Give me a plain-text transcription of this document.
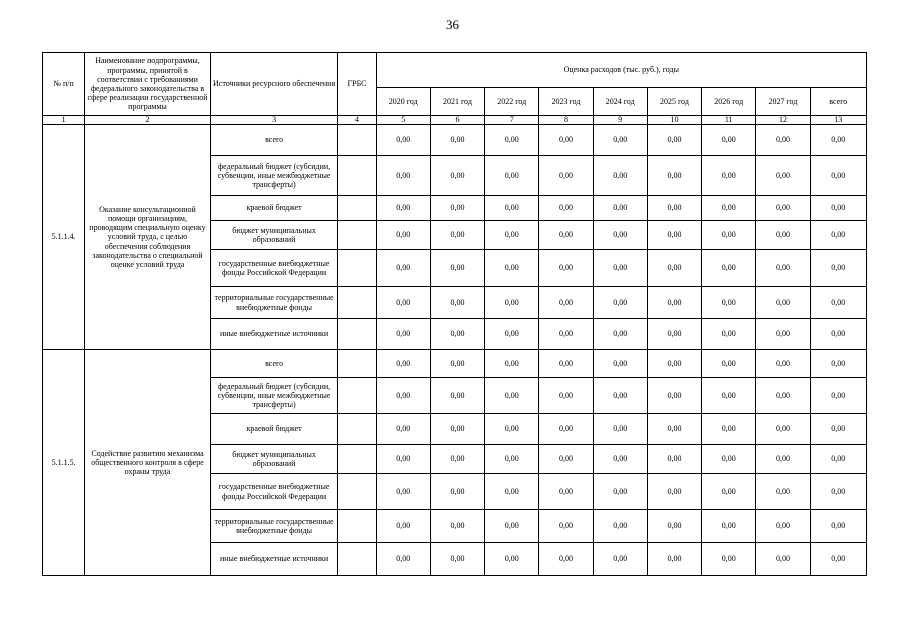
36
№ п/п	Наименование подпрограммы, программы, принятой в соответствии с требованиями федерального законодательства в сфере реализации государственной программы	Источники ресурсного обеспечения	ГРБС	Оценка расходов (тыс. руб.), годы								
				2020 год	2021 год	2022 год	2023 год	2024 год	2025 год	2026 год	2027 год	всего
1	2	3	4	5	6	7	8	9	10	11	12	13
5.1.1.4.	Оказание консультационной помощи организациям, проводящим специальную оценку условий труда, с целью обеспечения соблюдения законодательства о специальной оценке условий труда	всего		0,00	0,00	0,00	0,00	0,00	0,00	0,00	0,00	0,00
		федеральный бюджет (субсидии, субвенции, иные межбюджетные трансферты)		0,00	0,00	0,00	0,00	0,00	0,00	0,00	0,00	0,00
		краевой бюджет		0,00	0,00	0,00	0,00	0,00	0,00	0,00	0,00	0,00
		бюджет муниципальных образований		0,00	0,00	0,00	0,00	0,00	0,00	0,00	0,00	0,00
		государственные внебюджетные фонды Российской Федерации		0,00	0,00	0,00	0,00	0,00	0,00	0,00	0,00	0,00
		территориальные государственные внебюджетные фонды		0,00	0,00	0,00	0,00	0,00	0,00	0,00	0,00	0,00
		иные внебюджетные источники		0,00	0,00	0,00	0,00	0,00	0,00	0,00	0,00	0,00
5.1.1.5.	Содействие развитию механизма общественного контроля в сфере охраны труда	всего		0,00	0,00	0,00	0,00	0,00	0,00	0,00	0,00	0,00
		федеральный бюджет (субсидии, субвенции, иные межбюджетные трансферты)		0,00	0,00	0,00	0,00	0,00	0,00	0,00	0,00	0,00
		краевой бюджет		0,00	0,00	0,00	0,00	0,00	0,00	0,00	0,00	0,00
		бюджет муниципальных образований		0,00	0,00	0,00	0,00	0,00	0,00	0,00	0,00	0,00
		государственные внебюджетные фонды Российской Федерации		0,00	0,00	0,00	0,00	0,00	0,00	0,00	0,00	0,00
		территориальные государственные внебюджетные фонды		0,00	0,00	0,00	0,00	0,00	0,00	0,00	0,00	0,00
		иные внебюджетные источники		0,00	0,00	0,00	0,00	0,00	0,00	0,00	0,00	0,00
